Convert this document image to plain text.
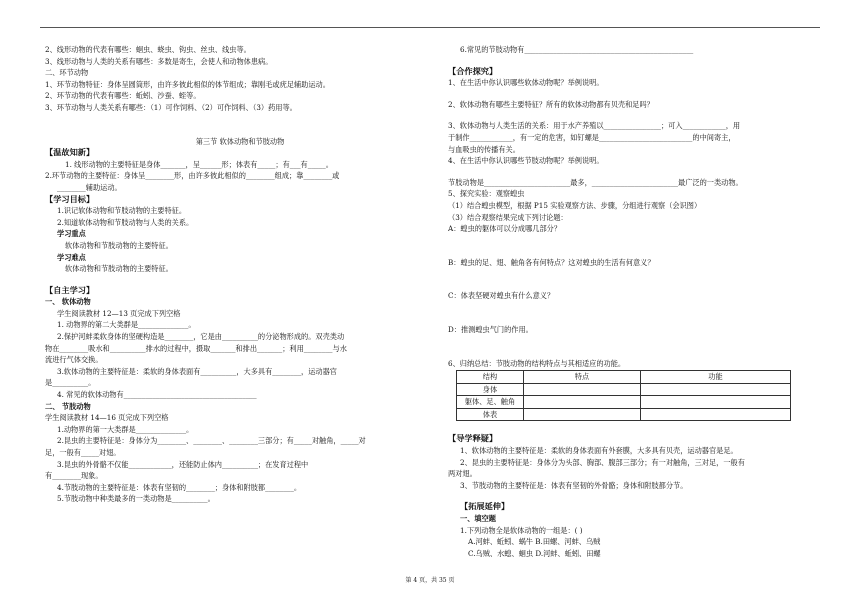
2、线形动物的代表有哪些：蛔虫、蛲虫、钩虫、丝虫、线虫等。
3、线形动物与人类的关系有哪些：多数是寄生，会使人和动物体患病。
二、环节动物
1、环节动物特征：身体呈圆筒形，由许多彼此相似的体节组成；靠刚毛或疣足辅助运动。
2、环节动物的代表有哪些：蚯蚓、沙蚕、蛭等。
3、环节动物与人类关系有哪些：（1）可作饲料、（2）可作饲料、（3）药用等。
第三节 软体动物和节肢动物
【温故知新】
1. 线形动物的主要特征是身体_______，呈______形；体表有_____；有___有_____。
2.环节动物的主要特征：身体呈________形，由许多彼此相似的________组成；靠________或
________辅助运动。
【学习目标】
1.识记软体动物和节肢动物的主要特征。
2.知道软体动物和节肢动物与人类的关系。
学习重点
软体动物和节肢动物的主要特征。
学习难点
软体动物和节肢动物的主要特征。
【自主学习】
一、 软体动物
学生阅读教材 12—13 页完成下列空格
1. 动物界的第二大类群是______________。
2.保护河蚌柔软身体的坚硬构造是________，它是由__________的分泌物形成的。双壳类动
物在________吸水和__________排水的过程中，摄取_______和排出_______；利用________与水
流进行气体交换。
3.软体动物的主要特征是：柔软的身体表面有__________，大多具有________，运动器官
是__________。
4. 常见的软体动物有_____________________________________
二、 节肢动物
学生阅读教材 14—16 页完成下列空格
1.动物界的第一大类群是______________。
2.昆虫的主要特征是：身体分为________、________、________三部分；有_____对触角，_____对
足，一般有_____对翅。
3.昆虫的外骨骼不仅能____________，还能防止体内__________；在发育过程中
有________现象。
4.节肢动物的主要特征是：体表有坚韧的________；身体和附肢都________。
5.节肢动物中种类最多的一类动物是__________。
6.常见的节肢动物有_______________________________________________
【合作探究】
1、在生活中你认识哪些软体动物呢？举例说明。
2、软体动物有哪些主要特征？所有的软体动物都有贝壳和足吗？
3、软体动物与人类生活的关系：用于水产养殖以________________；可入____________，用
于制作____________，有一定的危害，如钉螺是__________________________的中间寄主，
与血吸虫的传播有关。
4、在生活中你认识哪些节肢动物呢？举例说明。
节肢动物是________________________最多，________________________最广泛的一类动物。
5、探究实验：观察蝗虫
（1）结合蝗虫模型，根据 P15 实验观察方法、步骤，分组进行观察（会识图）
（3）结合观察结果完成下列讨论题：
A：蝗虫的躯体可以分成哪几部分？
B：蝗虫的足、翅、触角各有何特点？这对蝗虫的生活有何意义？
C：体表坚硬对蝗虫有什么意义？
D：推测蝗虫气门的作用。
6、归纳总结：节肢动物的结构特点与其相适应的功能。
结构	特点	功能
身体		
躯体、足、触角		
体表		
【导学释疑】
1、软体动物的主要特征是：柔软的身体表面有外套膜，大多具有贝壳，运动器官是足。
2、昆虫的主要特征是：身体分为头部、胸部、腹部三部分；有一对触角，三对足，一般有
两对翅。
3、节肢动物的主要特征是：体表有坚韧的外骨骼；身体和附肢都分节。
【拓展延伸】
一、填空题
1.下列动物全是软体动物的一组是：( )
A.河蚌、蚯蚓、蜗牛 B.田螺、河蚌、乌贼
C.乌贼、水螅、蛔虫 D.河蚌、蚯蚓、田螺
第 4 页，共 35 页
